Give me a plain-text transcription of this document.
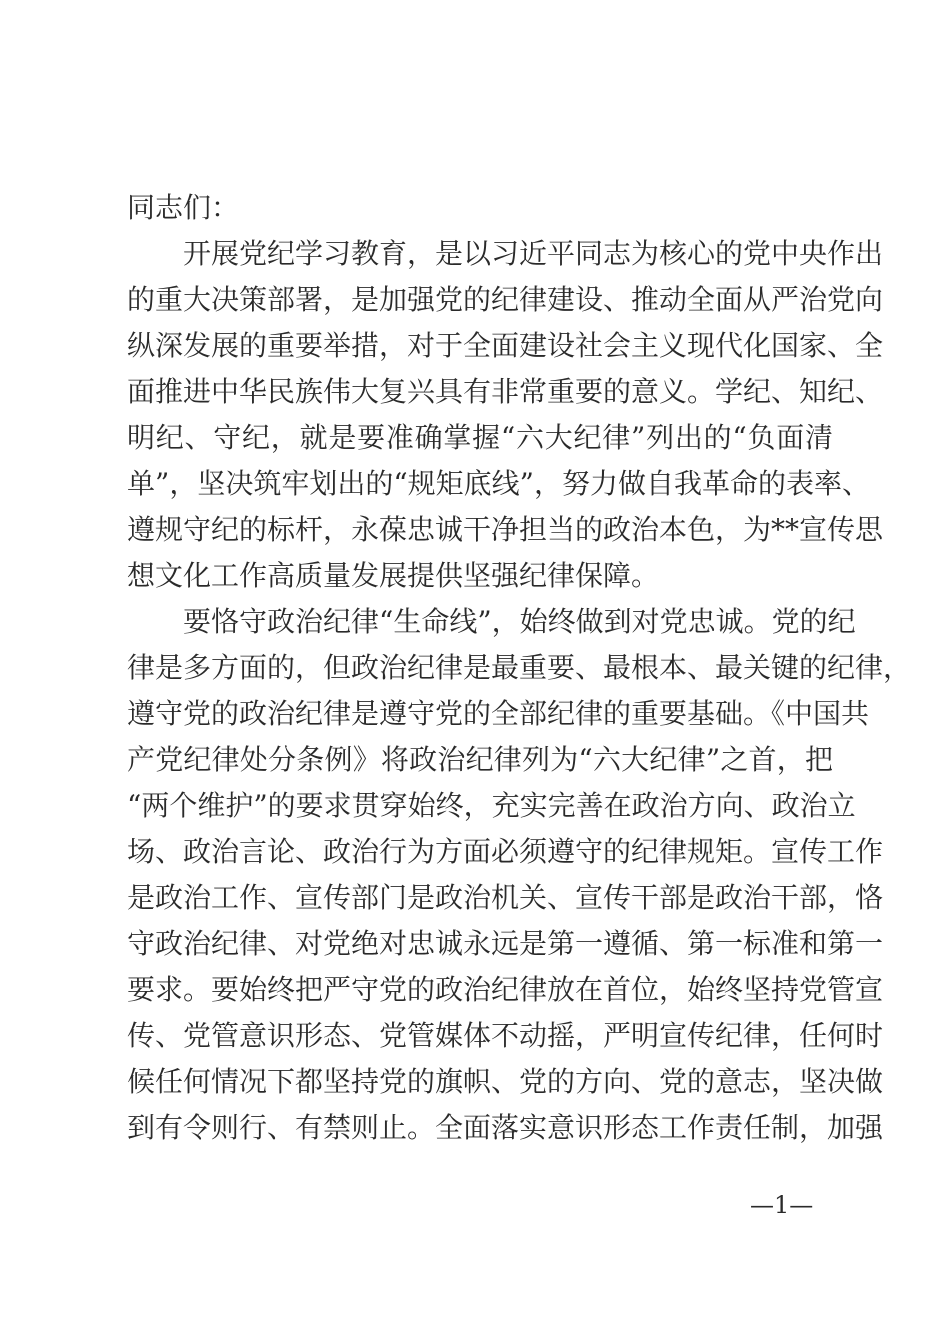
同志们：
　　开展党纪学习教育，是以习近平同志为核心的党中央作出
的重大决策部署，是加强党的纪律建设、推动全面从严治党向
纵深发展的重要举措，对于全面建设社会主义现代化国家、全
面推进中华民族伟大复兴具有非常重要的意义。学纪、知纪、
明纪、守纪，就是要准确掌握“六大纪律”列出的“负面清
单”，坚决筑牢划出的“规矩底线”，努力做自我革命的表率、
遵规守纪的标杆，永葆忠诚干净担当的政治本色，为**宣传思
想文化工作高质量发展提供坚强纪律保障。
　　要恪守政治纪律“生命线”，始终做到对党忠诚。党的纪
律是多方面的，但政治纪律是最重要、最根本、最关键的纪律，
遵守党的政治纪律是遵守党的全部纪律的重要基础。《中国共
产党纪律处分条例》将政治纪律列为“六大纪律”之首，把
“两个维护”的要求贯穿始终，充实完善在政治方向、政治立
场、政治言论、政治行为方面必须遵守的纪律规矩。宣传工作
是政治工作、宣传部门是政治机关、宣传干部是政治干部，恪
守政治纪律、对党绝对忠诚永远是第一遵循、第一标准和第一
要求。要始终把严守党的政治纪律放在首位，始终坚持党管宣
传、党管意识形态、党管媒体不动摇，严明宣传纪律，任何时
候任何情况下都坚持党的旗帜、党的方向、党的意志，坚决做
到有令则行、有禁则止。全面落实意识形态工作责任制，加强
—1—
